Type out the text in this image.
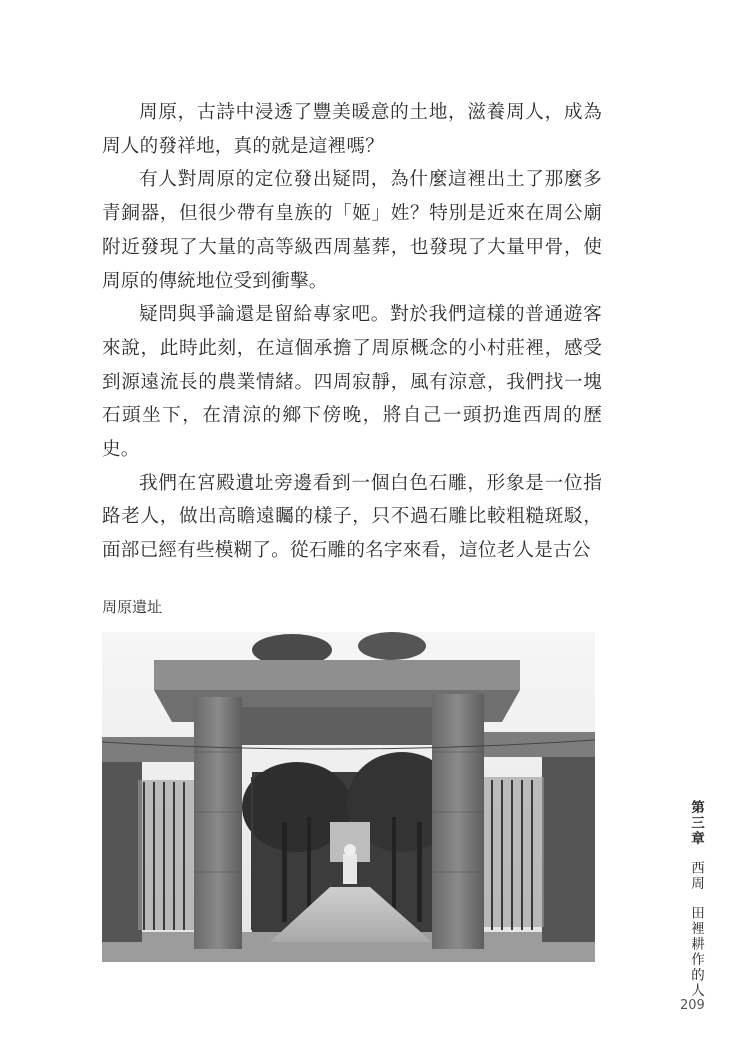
周原，古詩中浸透了豐美暖意的土地，滋養周人，成為周人的發祥地，真的就是這裡嗎？

有人對周原的定位發出疑問，為什麼這裡出土了那麼多青銅器，但很少帶有皇族的「姬」姓？特別是近來在周公廟附近發現了大量的高等級西周墓葬，也發現了大量甲骨，使周原的傳統地位受到衝擊。

疑問與爭論還是留給專家吧。對於我們這樣的普通遊客來說，此時此刻，在這個承擔了周原概念的小村莊裡，感受到源遠流長的農業情緒。四周寂靜，風有涼意，我們找一塊石頭坐下，在清涼的鄉下傍晚，將自己一頭扔進西周的歷史。

我們在宮殿遺址旁邊看到一個白色石雕，形象是一位指路老人，做出高瞻遠矚的樣子，只不過石雕比較粗糙斑駁，面部已經有些模糊了。從石雕的名字來看，這位老人是古公

周原遺址
第三章西周田裡耕作的人
209
